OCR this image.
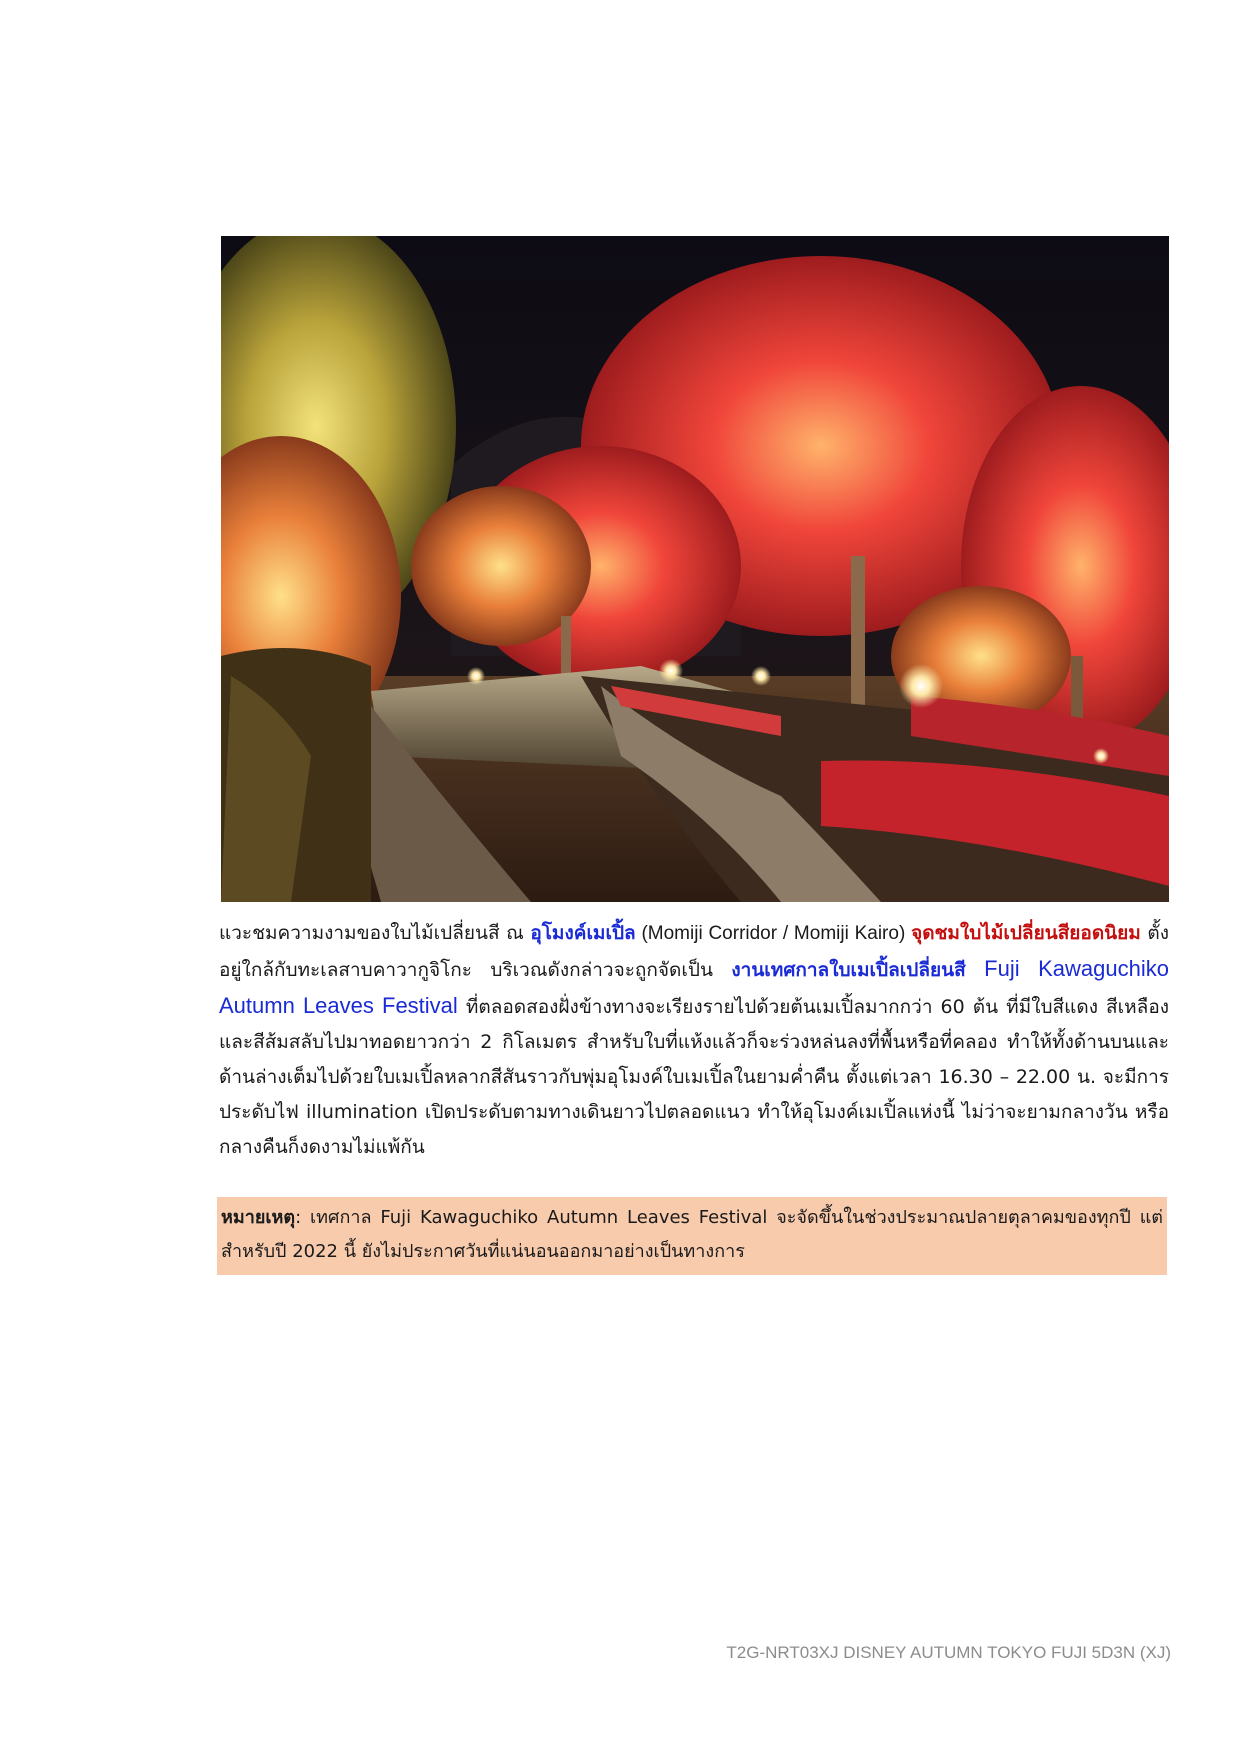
แวะชมความงามของใบไม้เปลี่ยนสี ณ อุโมงค์เมเปิ้ล (Momiji Corridor / Momiji Kairo) จุดชมใบไม้เปลี่ยนสียอดนิยม ตั้งอยู่ใกล้กับทะเลสาบคาวากูจิโกะ บริเวณดังกล่าวจะถูกจัดเป็น งานเทศกาลใบเมเปิ้ลเปลี่ยนสี Fuji Kawaguchiko Autumn Leaves Festival ที่ตลอดสองฝั่งข้างทางจะเรียงรายไปด้วยต้นเมเปิ้ลมากกว่า 60 ต้น ที่มีใบสีแดง สีเหลือง และสีส้มสลับไปมาทอดยาวกว่า 2 กิโลเมตร สำหรับใบที่แห้งแล้วก็จะร่วงหล่นลงที่พื้นหรือที่คลอง ทำให้ทั้งด้านบนและด้านล่างเต็มไปด้วยใบเมเปิ้ลหลากสีสันราวกับพุ่มอุโมงค์ใบเมเปิ้ลในยามค่ำคืน ตั้งแต่เวลา 16.30 – 22.00 น. จะมีการประดับไฟ illumination เปิดประดับตามทางเดินยาวไปตลอดแนว ทำให้อุโมงค์เมเปิ้ลแห่งนี้ ไม่ว่าจะยามกลางวัน หรือ กลางคืนก็งดงามไม่แพ้กัน

หมายเหตุ: เทศกาล Fuji Kawaguchiko Autumn Leaves Festival จะจัดขึ้นในช่วงประมาณปลายตุลาคมของทุกปี แต่สำหรับปี 2022 นี้ ยังไม่ประกาศวันที่แน่นอนออกมาอย่างเป็นทางการ
T2G-NRT03XJ DISNEY AUTUMN TOKYO FUJI 5D3N (XJ)
